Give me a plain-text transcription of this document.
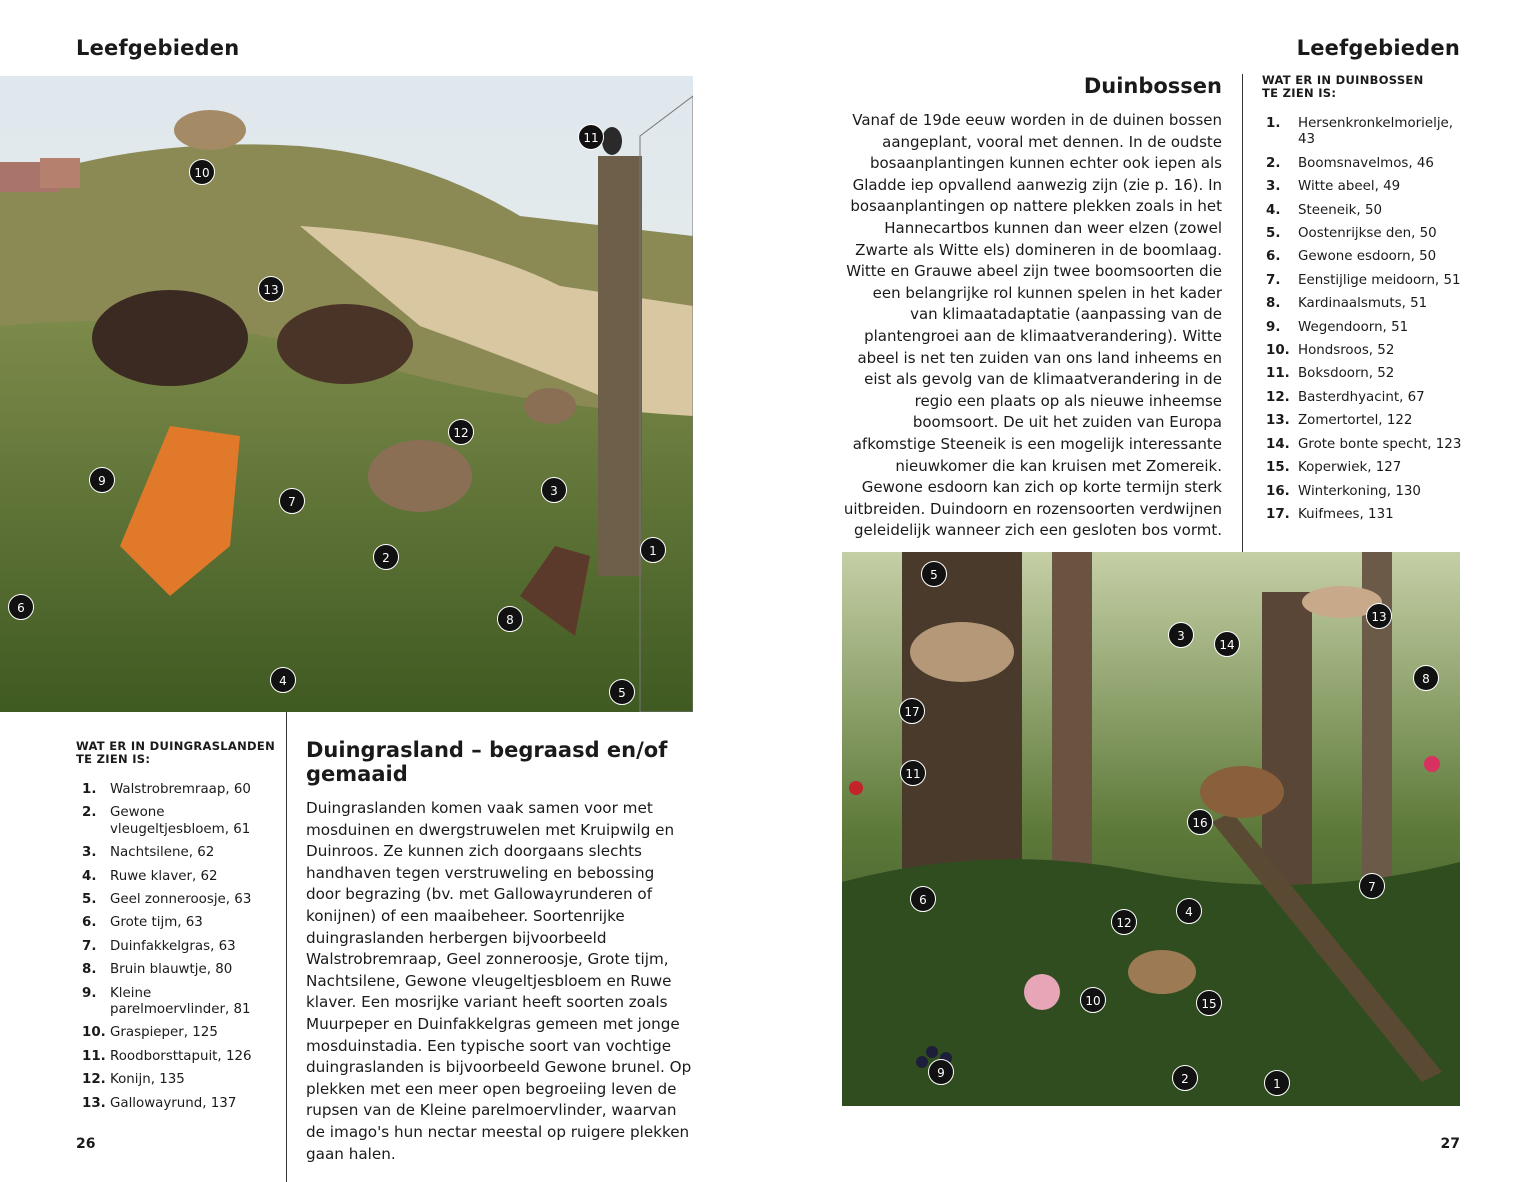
Leefgebieden
1
2
3
4
5
6
7
8
9
10
11
12
13
WAT ER IN DUINGRASLANDEN TE ZIEN IS:
1.	Walstrobremraap, 60
2.	Gewone vleugeltjesbloem, 61
3.	Nachtsilene, 62
4.	Ruwe klaver, 62
5.	Geel zonneroosje, 63
6.	Grote tijm, 63
7.	Duinfakkelgras, 63
8.	Bruin blauwtje, 80
9.	Kleine parelmoervlinder, 81
10. Graspieper, 125
11. Roodborsttapuit, 126
12. Konijn, 135
13. Gallowayrund, 137
Duingrasland – begraasd en/of gemaaid
Duingraslanden komen vaak samen voor met mosduinen en dwergstruwelen met Kruipwilg en Duinroos. Ze kunnen zich doorgaans slechts handhaven tegen verstruweling en bebossing door begrazing (bv. met Gallowayrunderen of konijnen) of een maaibeheer. Soortenrijke duingraslanden herbergen bijvoorbeeld Walstrobremraap, Geel zonneroosje, Grote tijm, Nachtsilene, Gewone vleugeltjesbloem en Ruwe klaver. Een mosrijke variant heeft soorten zoals Muurpeper en Duinfakkelgras gemeen met jonge mosduinstadia. Een typische soort van vochtige duingraslanden is bijvoorbeeld Gewone brunel. Op plekken met een meer open begroeiing leven de rupsen van de Kleine parelmoervlinder, waarvan de imago's hun nectar meestal op ruigere plekken gaan halen.
26
Leefgebieden
Duinbossen
Vanaf de 19de eeuw worden in de duinen bossen aangeplant, vooral met dennen. In de oudste bosaanplantingen kunnen echter ook iepen als Gladde iep opvallend aanwezig zijn (zie p. 16). In bosaanplantingen op nattere plekken zoals in het Hannecartbos kunnen dan weer elzen (zowel Zwarte als Witte els) domineren in de boomlaag. Witte en Grauwe abeel zijn twee boomsoorten die een belangrijke rol kunnen spelen in het kader van klimaatadaptatie (aanpassing van de plantengroei aan de klimaatverandering). Witte abeel is net ten zuiden van ons land inheems en eist als gevolg van de klimaatverandering in de regio een plaats op als nieuwe inheemse boomsoort. De uit het zuiden van Europa afkomstige Steeneik is een mogelijk interessante nieuwkomer die kan kruisen met Zomereik. Gewone esdoorn kan zich op korte termijn sterk uitbreiden. Duindoorn en rozensoorten verdwijnen geleidelijk wanneer zich een gesloten bos vormt.
WAT ER IN DUINBOSSEN TE ZIEN IS:
1.	Hersenkronkelmorielje, 43
2.	Boomsnavelmos, 46
3.	Witte abeel, 49
4.	Steeneik, 50
5.	Oostenrijkse den, 50
6.	Gewone esdoorn, 50
7.	Eenstijlige meidoorn, 51
8.	Kardinaalsmuts, 51
9.	Wegendoorn, 51
10. Hondsroos, 52
11. Boksdoorn, 52
12. Basterdhyacint, 67
13. Zomertortel, 122
14. Grote bonte specht, 123
15. Koperwiek, 127
16. Winterkoning, 130
17. Kuifmees, 131
1
2
3
4
5
6
7
8
9
10
11
12
13
14
15
16
17
27
